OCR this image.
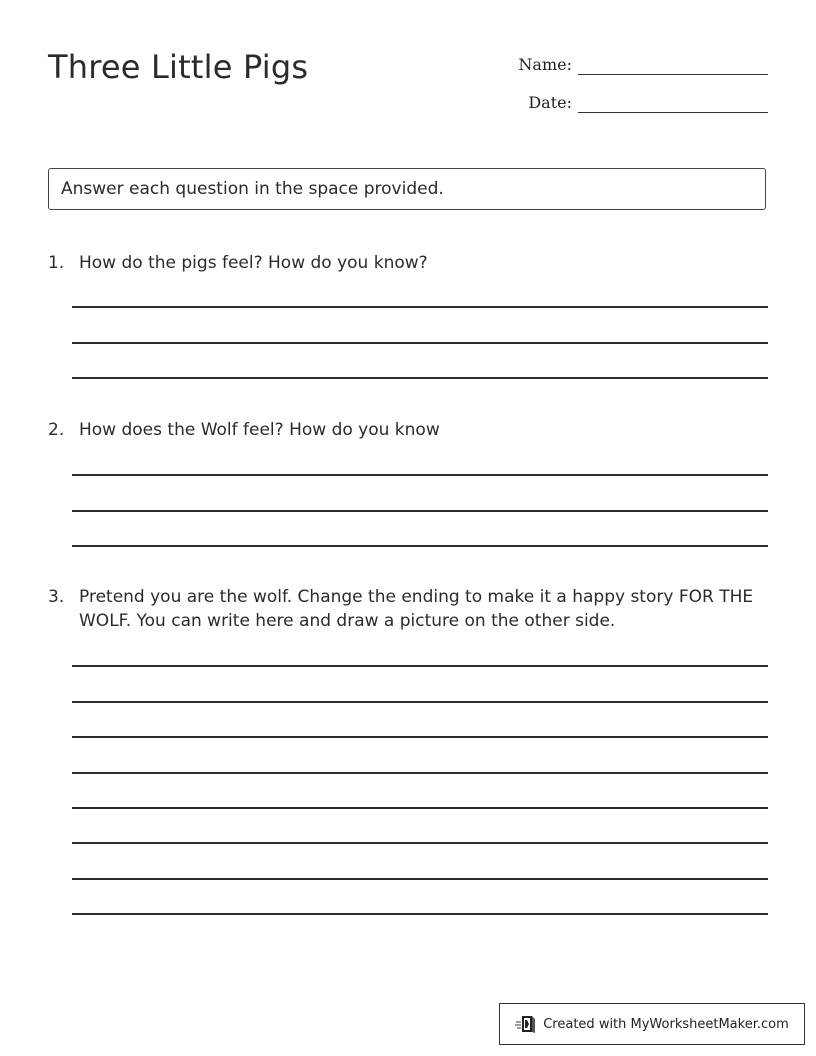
Three Little Pigs	Name:
Date:
Answer each question in the space provided.
1. How do the pigs feel? How do you know?
2. How does the Wolf feel? How do you know
3. Pretend you are the wolf. Change the ending to make it a happy story FOR THE WOLF. You can write here and draw a picture on the other side.
Created with MyWorksheetMaker.com
